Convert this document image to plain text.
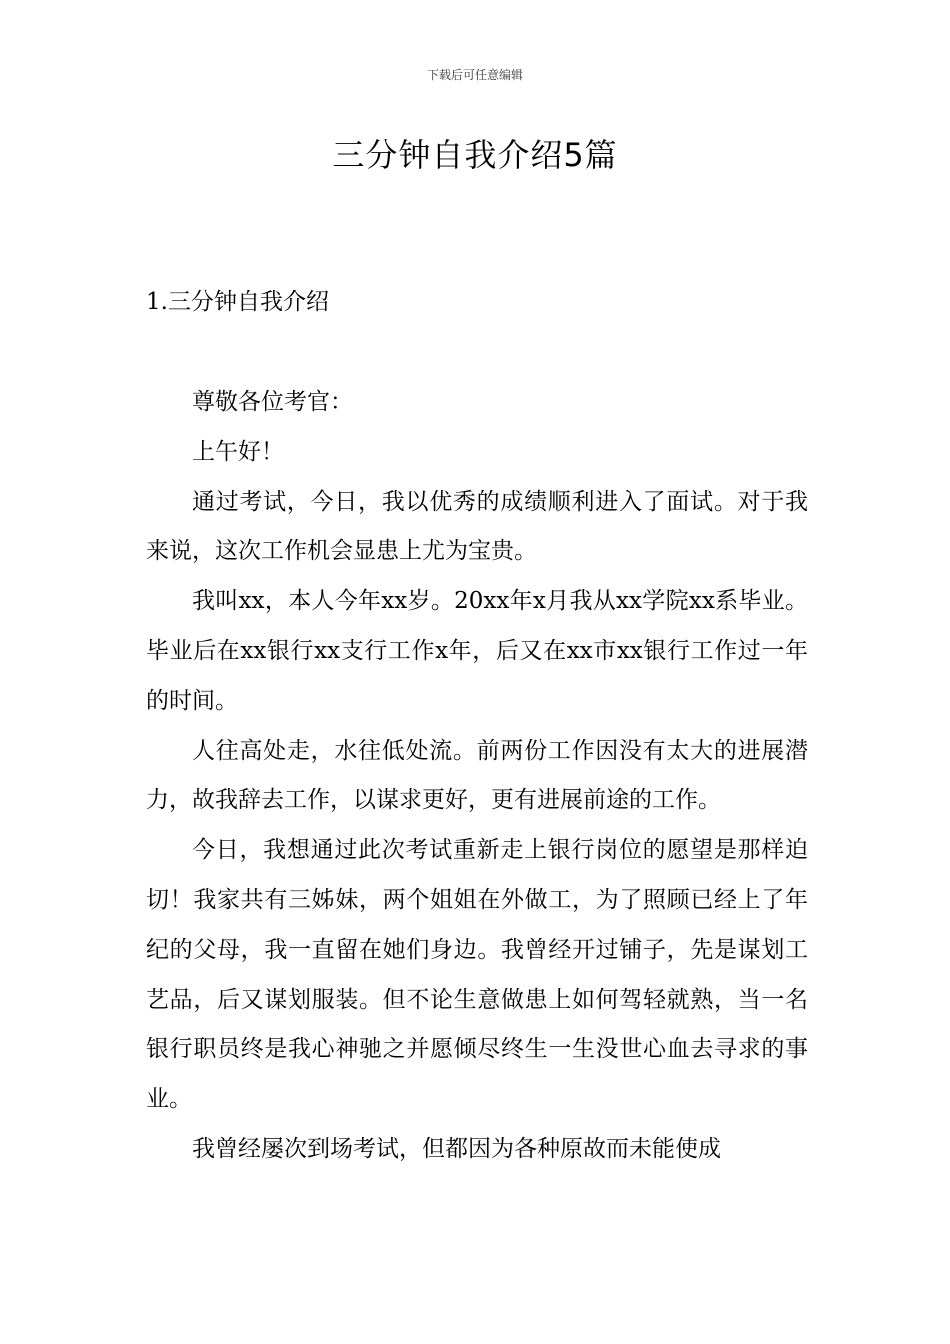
下载后可任意编辑
三分钟自我介绍5篇
1.三分钟自我介绍

尊敬各位考官：

上午好！

通过考试，今日，我以优秀的成绩顺利进入了面试。对于我来说，这次工作机会显患上尤为宝贵。

我叫xx，本人今年xx岁。20xx年x月我从xx学院xx系毕业。毕业后在xx银行xx支行工作x年，后又在xx市xx银行工作过一年的时间。

人往高处走，水往低处流。前两份工作因没有太大的进展潜力，故我辞去工作，以谋求更好，更有进展前途的工作。

今日，我想通过此次考试重新走上银行岗位的愿望是那样迫切！我家共有三姊妹，两个姐姐在外做工，为了照顾已经上了年纪的父母，我一直留在她们身边。我曾经开过铺子，先是谋划工艺品，后又谋划服装。但不论生意做患上如何驾轻就熟，当一名银行职员终是我心神驰之并愿倾尽终生一生没世心血去寻求的事业。

我曾经屡次到场考试，但都因为各种原故而未能使成
